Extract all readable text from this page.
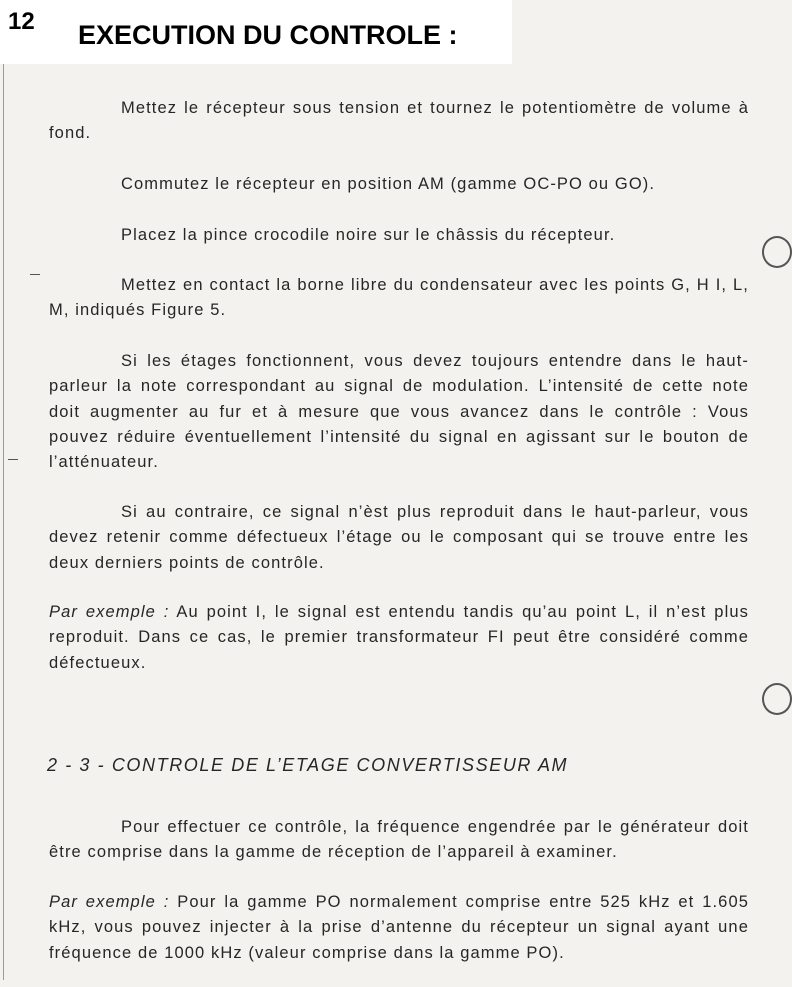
12 EXECUTION DU CONTROLE :

Mettez le récepteur sous tension et tournez le potentiomètre de volume à fond.

Commutez le récepteur en position AM (gamme OC-PO ou GO).

Placez la pince crocodile noire sur le châssis du récepteur.

Mettez en contact la borne libre du condensateur avec les points G, H I, L, M, indiqués Figure 5.

Si les étages fonctionnent, vous devez toujours entendre dans le haut-parleur la note correspondant au signal de modulation. L’intensité de cette note doit augmenter au fur et à mesure que vous avancez dans le contrôle : Vous pouvez réduire éventuellement l’intensité du signal en agissant sur le bouton de l’atténuateur.

Si au contraire, ce signal n’èst plus reproduit dans le haut-parleur, vous devez retenir comme défectueux l’étage ou le composant qui se trouve entre les deux derniers points de contrôle.

Par exemple : Au point I, le signal est entendu tandis qu’au point L, il n’est plus reproduit. Dans ce cas, le premier transformateur FI peut être considéré comme défectueux.

2 - 3 - CONTROLE DE L’ETAGE CONVERTISSEUR AM

Pour effectuer ce contrôle, la fréquence engendrée par le générateur doit être comprise dans la gamme de réception de l’appareil à examiner.

Par exemple : Pour la gamme PO normalement comprise entre 525 kHz et 1.605 kHz, vous pouvez injecter à la prise d’antenne du récepteur un signal ayant une fréquence de 1000 kHz (valeur comprise dans la gamme PO).
